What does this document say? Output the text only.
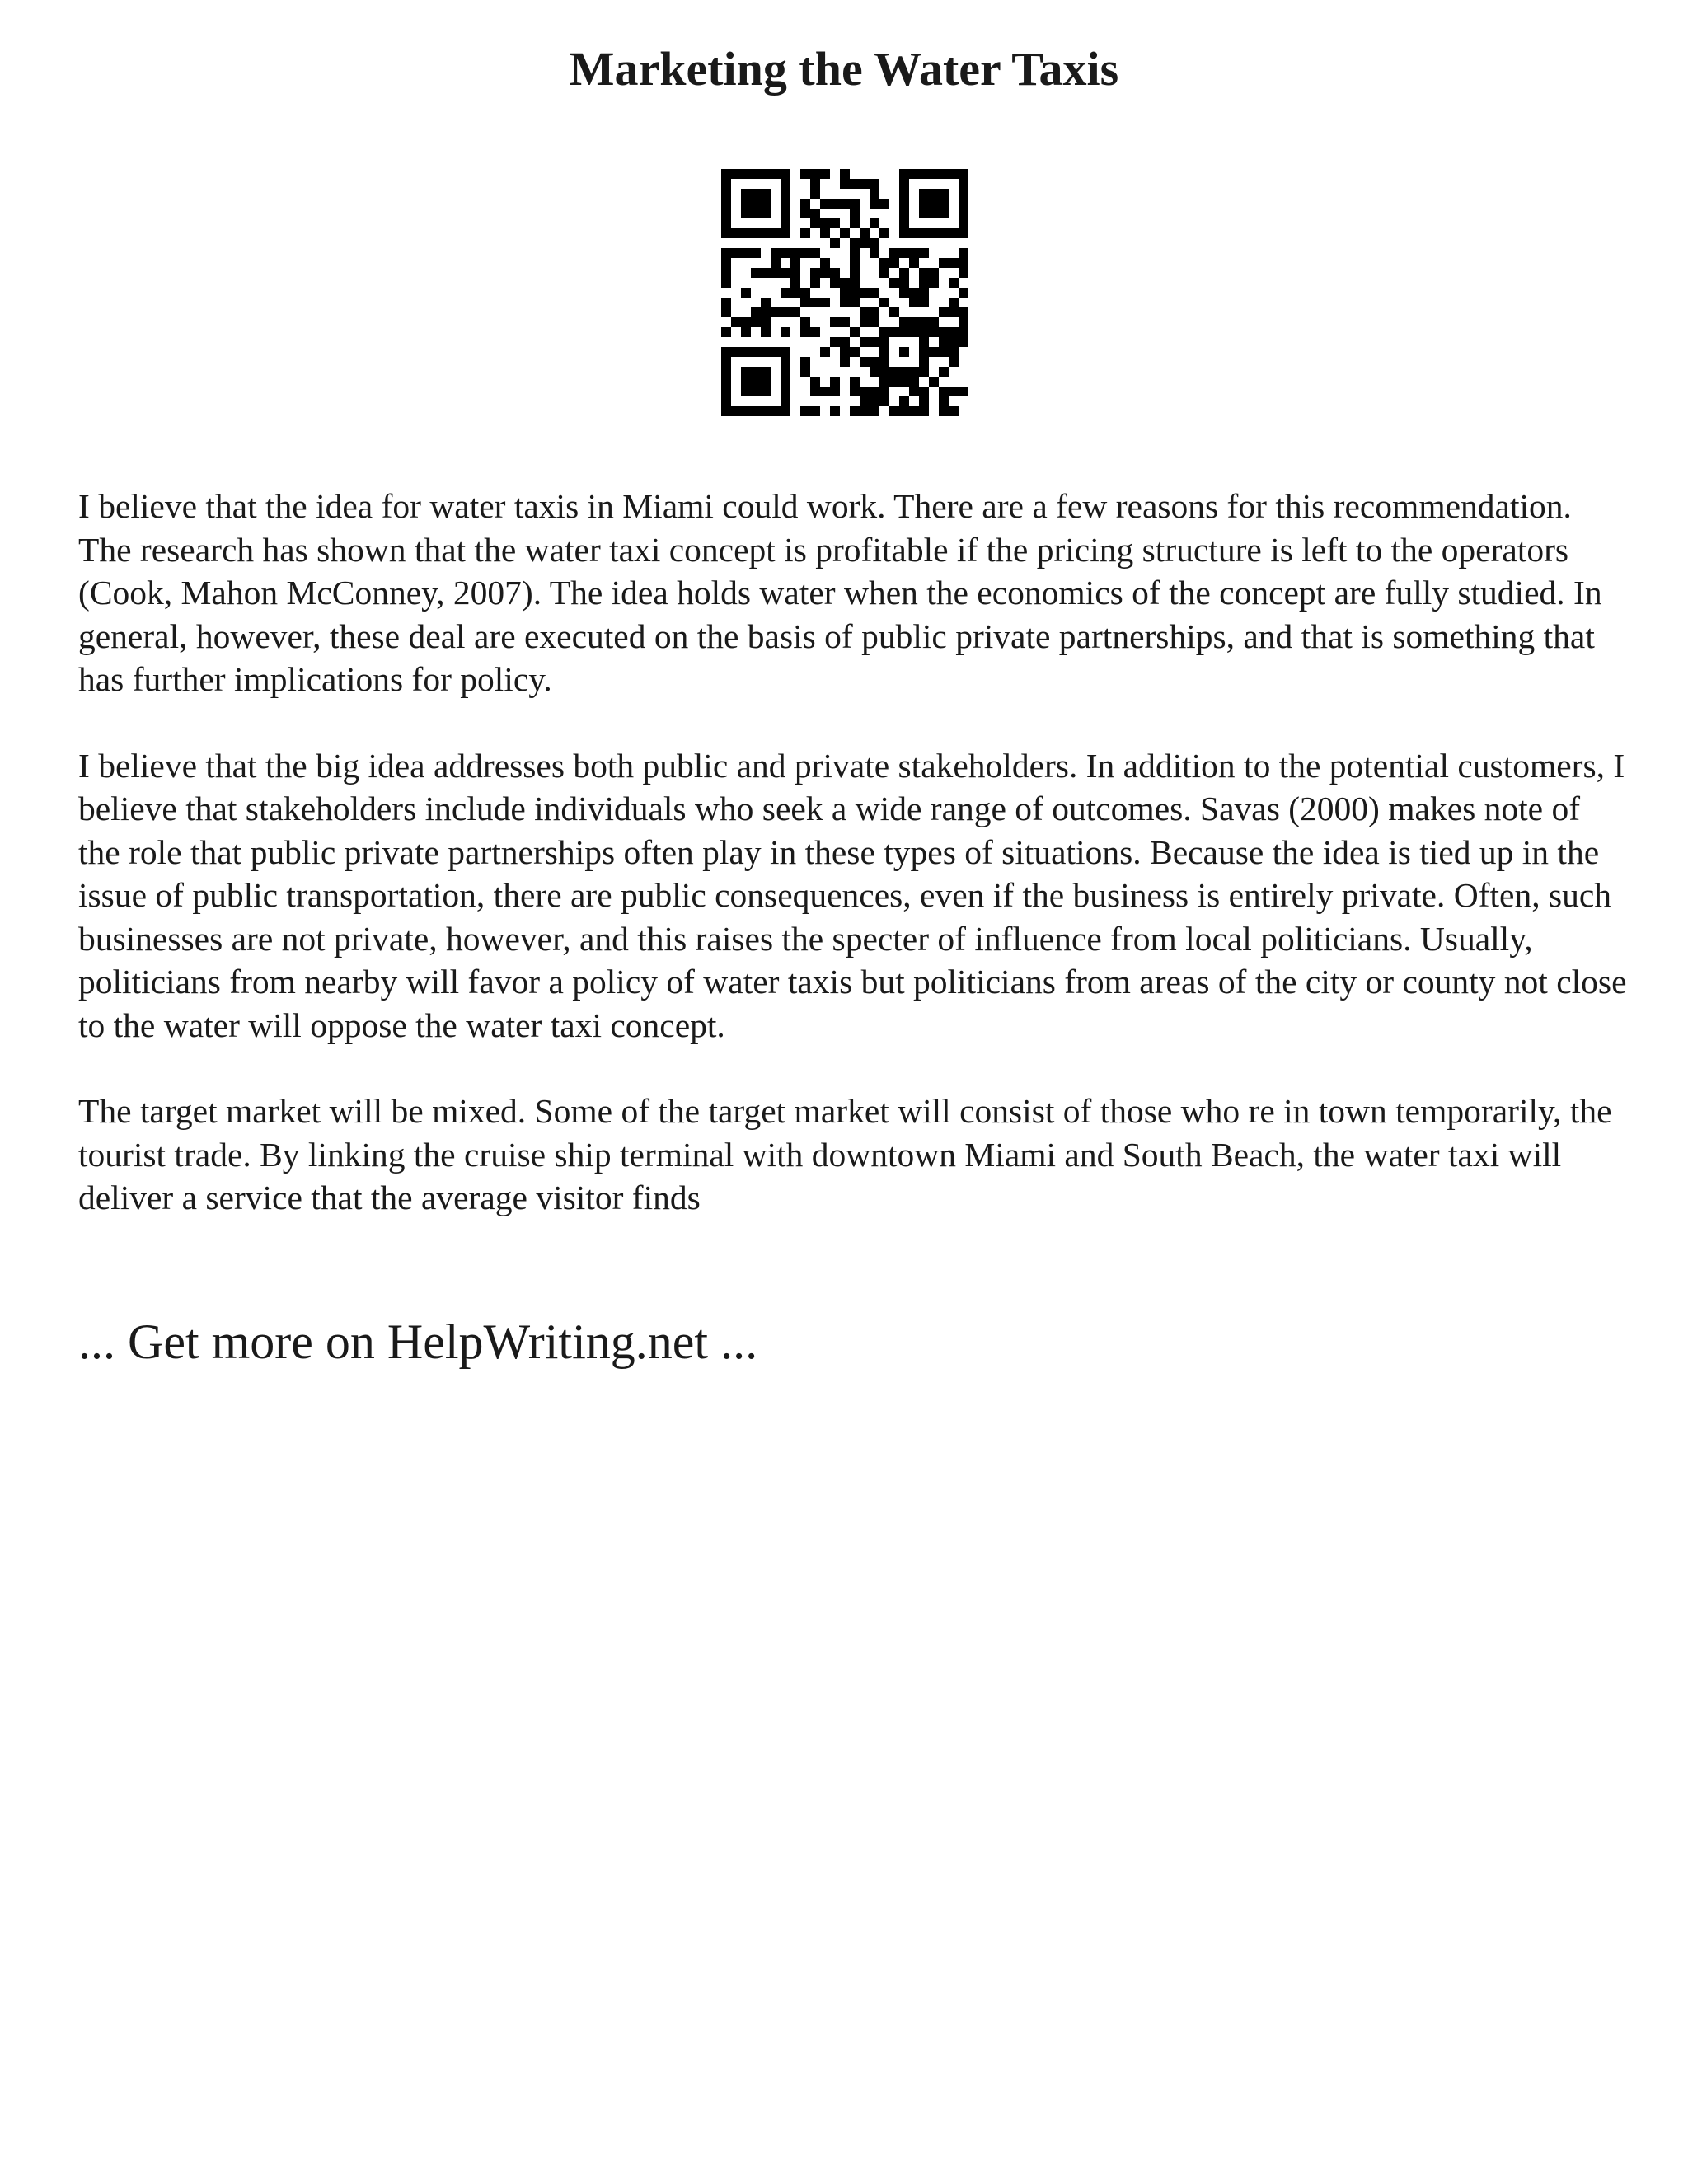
Marketing the Water Taxis

I believe that the idea for water taxis in Miami could work. There are a few reasons for this recommendation. The research has shown that the water taxi concept is profitable if the pricing structure is left to the operators (Cook, Mahon McConney, 2007). The idea holds water when the economics of the concept are fully studied. In general, however, these deal are executed on the basis of public private partnerships, and that is something that has further implications for policy.

I believe that the big idea addresses both public and private stakeholders. In addition to the potential customers, I believe that stakeholders include individuals who seek a wide range of outcomes. Savas (2000) makes note of the role that public private partnerships often play in these types of situations. Because the idea is tied up in the issue of public transportation, there are public consequences, even if the business is entirely private. Often, such businesses are not private, however, and this raises the specter of influence from local politicians. Usually, politicians from nearby will favor a policy of water taxis but politicians from areas of the city or county not close to the water will oppose the water taxi concept.

The target market will be mixed. Some of the target market will consist of those who re in town temporarily, the tourist trade. By linking the cruise ship terminal with downtown Miami and South Beach, the water taxi will deliver a service that the average visitor finds

... Get more on HelpWriting.net ...
